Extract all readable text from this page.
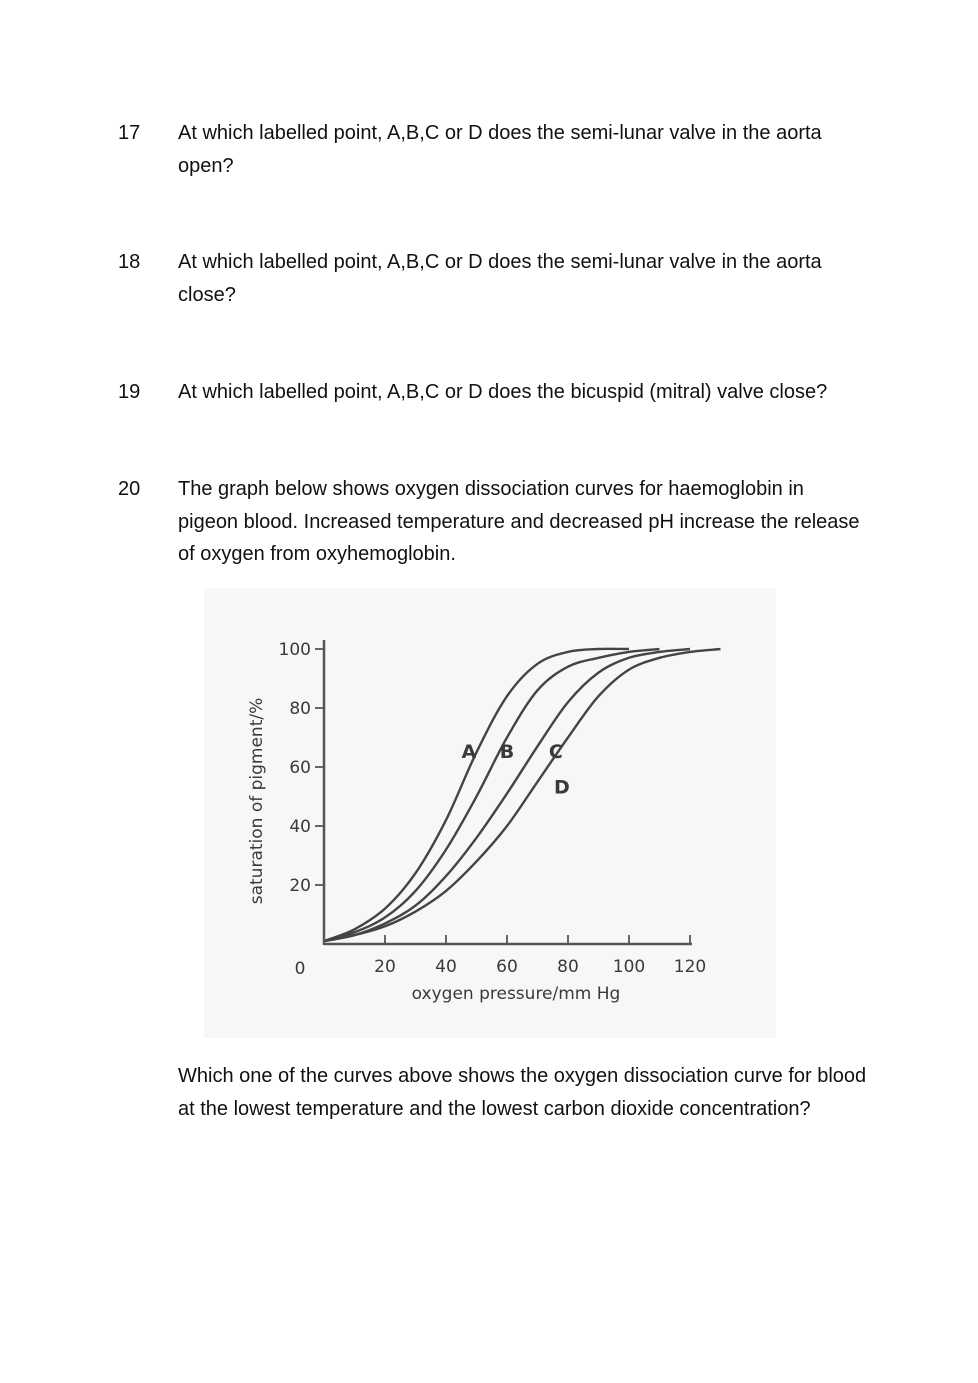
17 At which labelled point, A,B,C or D does the semi-lunar valve in the aorta open?
18 At which labelled point, A,B,C or D does the semi-lunar valve in the aorta close?
19 At which labelled point, A,B,C or D does the bicuspid (mitral) valve close?
20 The graph below shows oxygen dissociation curves for haemoglobin in pigeon blood. Increased temperature and decreased pH increase the release of oxygen from oxyhemoglobin.
100
80
60
40
20
20 40 60 80 100 120
0
oxygen pressure/mm Hg
saturation of pigment/%	A B C
D
Which one of the curves above shows the oxygen dissociation curve for blood at the lowest temperature and the lowest carbon dioxide concentration?
